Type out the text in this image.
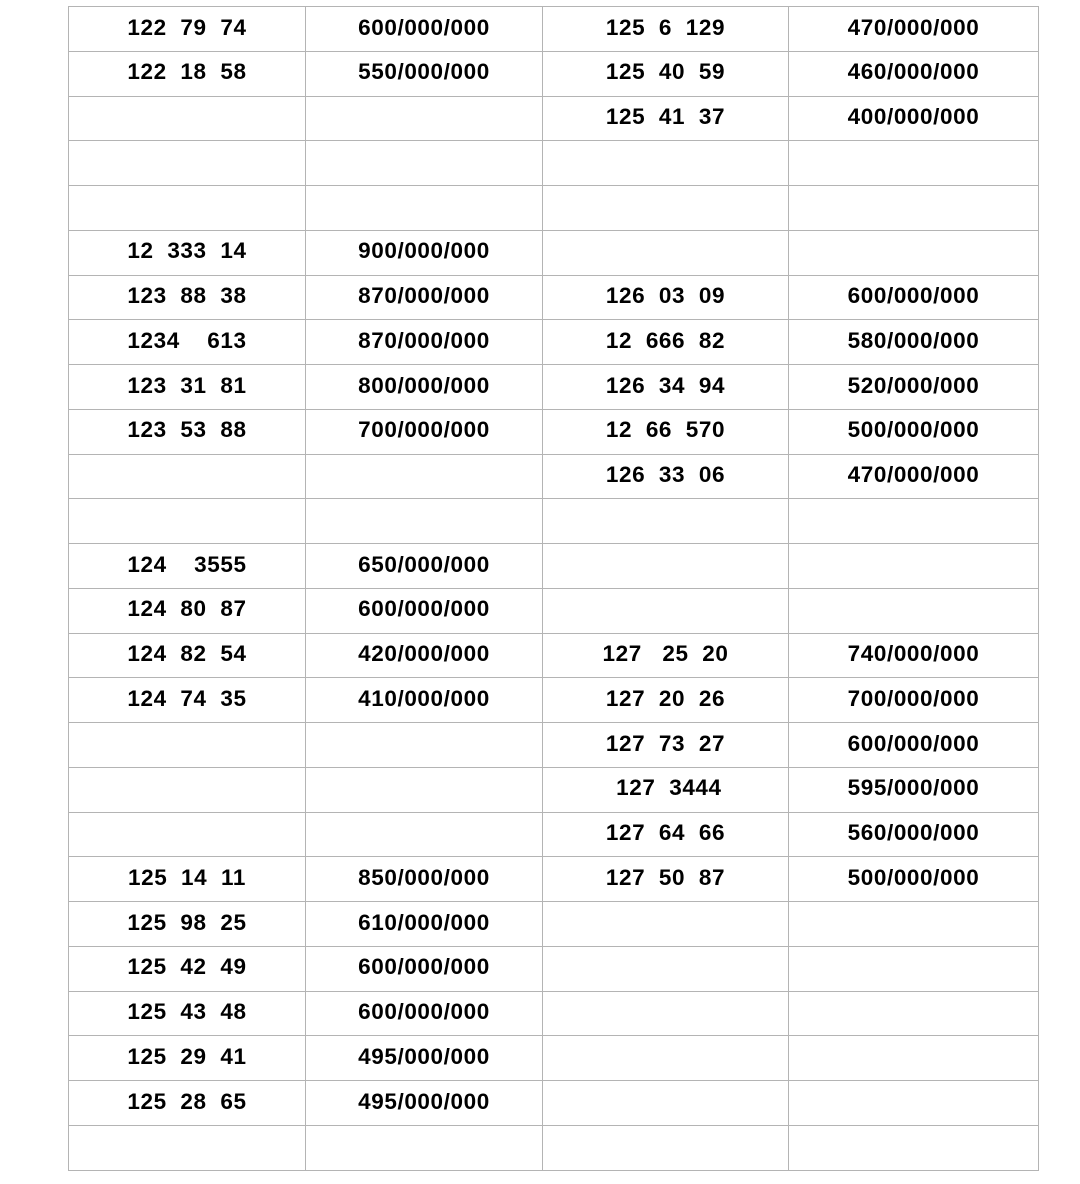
122  79  74	600/000/000	125  6  129	470/000/000
122  18  58	550/000/000	125  40  59	460/000/000
		125  41  37	400/000/000

12  333  14	900/000/000		
123  88  38	870/000/000	126  03  09	600/000/000
1234    613	870/000/000	12  666  82	580/000/000
123  31  81	800/000/000	126  34  94	520/000/000
123  53  88	700/000/000	12  66  570	500/000/000
		126  33  06	470/000/000

124    3555	650/000/000		
124  80  87	600/000/000		
124  82  54	420/000/000	127   25  20	740/000/000
124  74  35	410/000/000	127  20  26	700/000/000
		127  73  27	600/000/000
		127  3444	595/000/000
		127  64  66	560/000/000
125  14  11	850/000/000	127  50  87	500/000/000
125  98  25	610/000/000		
125  42  49	600/000/000		
125  43  48	600/000/000		
125  29  41	495/000/000		
125  28  65	495/000/000		
